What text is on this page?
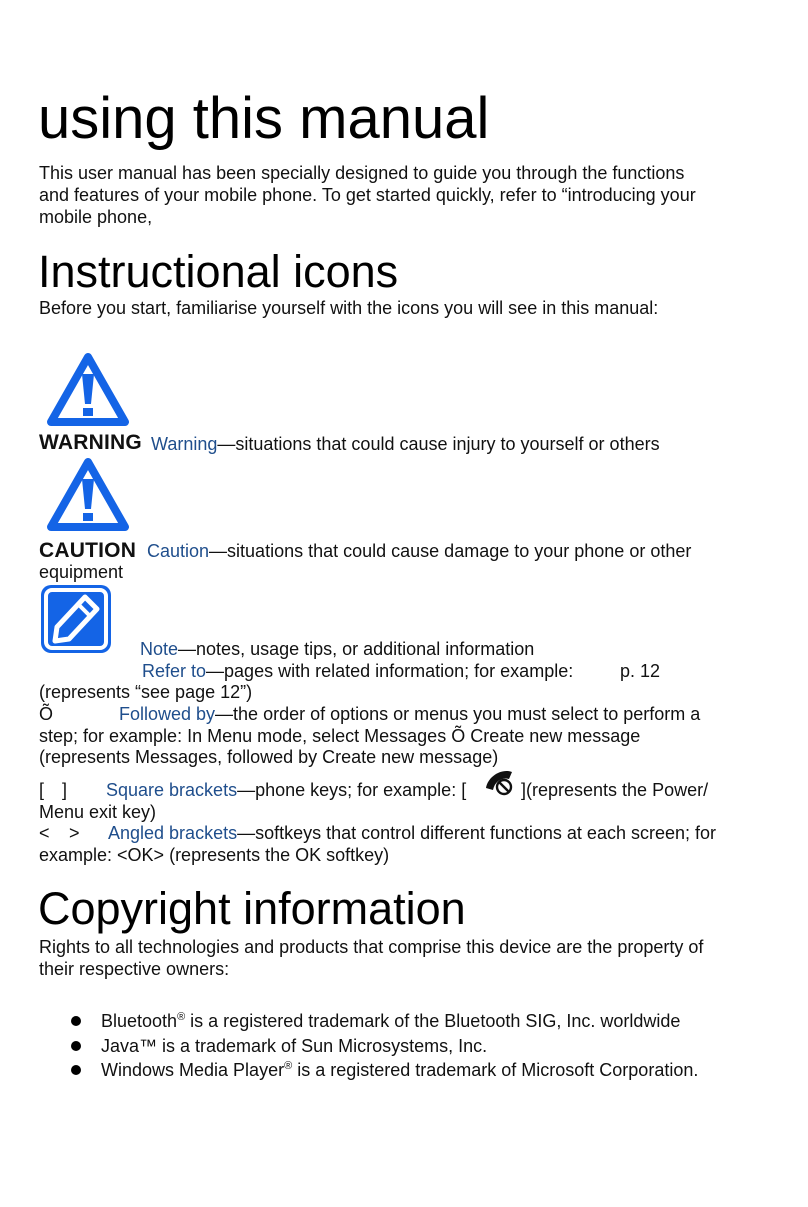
using this manual
This user manual has been specially designed to guide you through the functions
and features of your mobile phone. To get started quickly, refer to “introducing your
mobile phone,
Instructional icons
Before you start, familiarise yourself with the icons you will see in this manual:
WARNING Warning—situations that could cause injury to yourself or others
CAUTION Caution—situations that could cause damage to your phone or other
equipment
Note—notes, usage tips, or additional information
Refer to—pages with related information; for example:	p. 12
(represents “see page 12”)
Õ	Followed by—the order of options or menus you must select to perform a
step; for example: In Menu mode, select Messages Õ Create new message
(represents Messages, followed by Create new message)
[ ] Square brackets—phone keys; for example: [	](represents the Power/
Menu exit key)
< > Angled brackets—softkeys that control different functions at each screen; for
example: <OK> (represents the OK softkey)
Copyright information
Rights to all technologies and products that comprise this device are the property of
their respective owners:
Bluetooth® is a registered trademark of the Bluetooth SIG, Inc. worldwide
Java™ is a trademark of Sun Microsystems, Inc.
Windows Media Player® is a registered trademark of Microsoft Corporation.
